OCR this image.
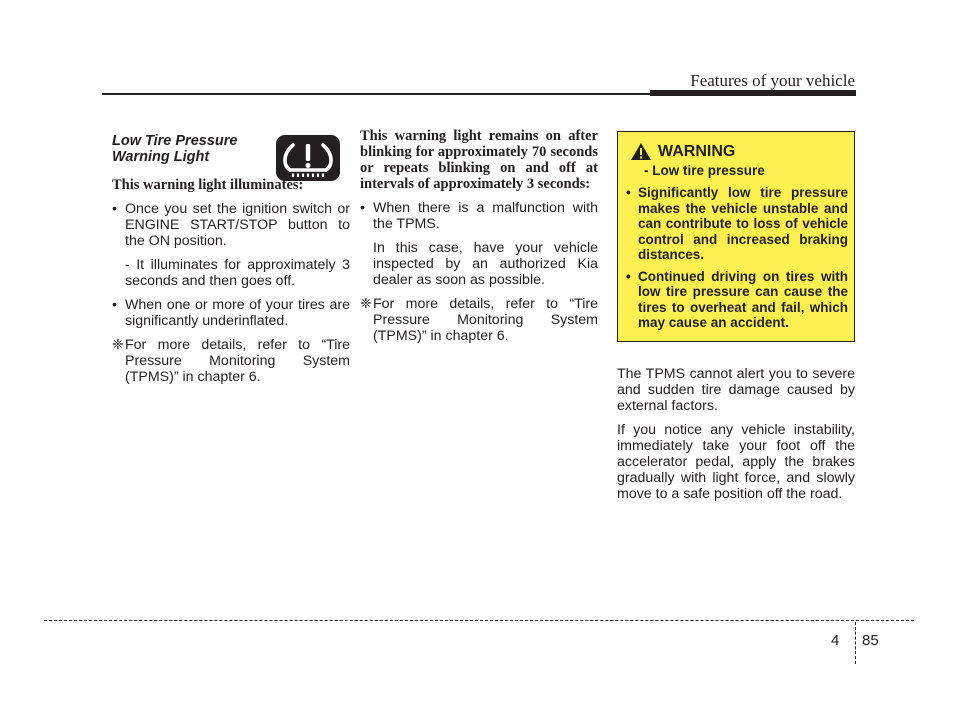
Features of your vehicle

Low Tire Pressure

Warning Light

This warning light illuminates:

• Once you set the ignition switch or ENGINE START/STOP button to the ON position.
- It illuminates for approximately 3 seconds and then goes off.
• When one or more of your tires are significantly underinflated.
❈ For more details, refer to “Tire Pressure Monitoring System (TPMS)” in chapter 6.

This warning light remains on after blinking for approximately 70 seconds or repeats blinking on and off at intervals of approximately 3 seconds:

• When there is a malfunction with the TPMS.

In this case, have your vehicle inspected by an authorized Kia dealer as soon as possible.

❈ For more details, refer to “Tire Pressure Monitoring System (TPMS)” in chapter 6.
WARNING
- Low tire pressure
• Significantly low tire pressure makes the vehicle unstable and can contribute to loss of vehicle control and increased braking distances.
• Continued driving on tires with low tire pressure can cause the tires to overheat and fail, which may cause an accident.

The TPMS cannot alert you to severe and sudden tire damage caused by external factors.

If you notice any vehicle instability, immediately take your foot off the accelerator pedal, apply the brakes gradually with light force, and slowly move to a safe position off the road.

4 85
